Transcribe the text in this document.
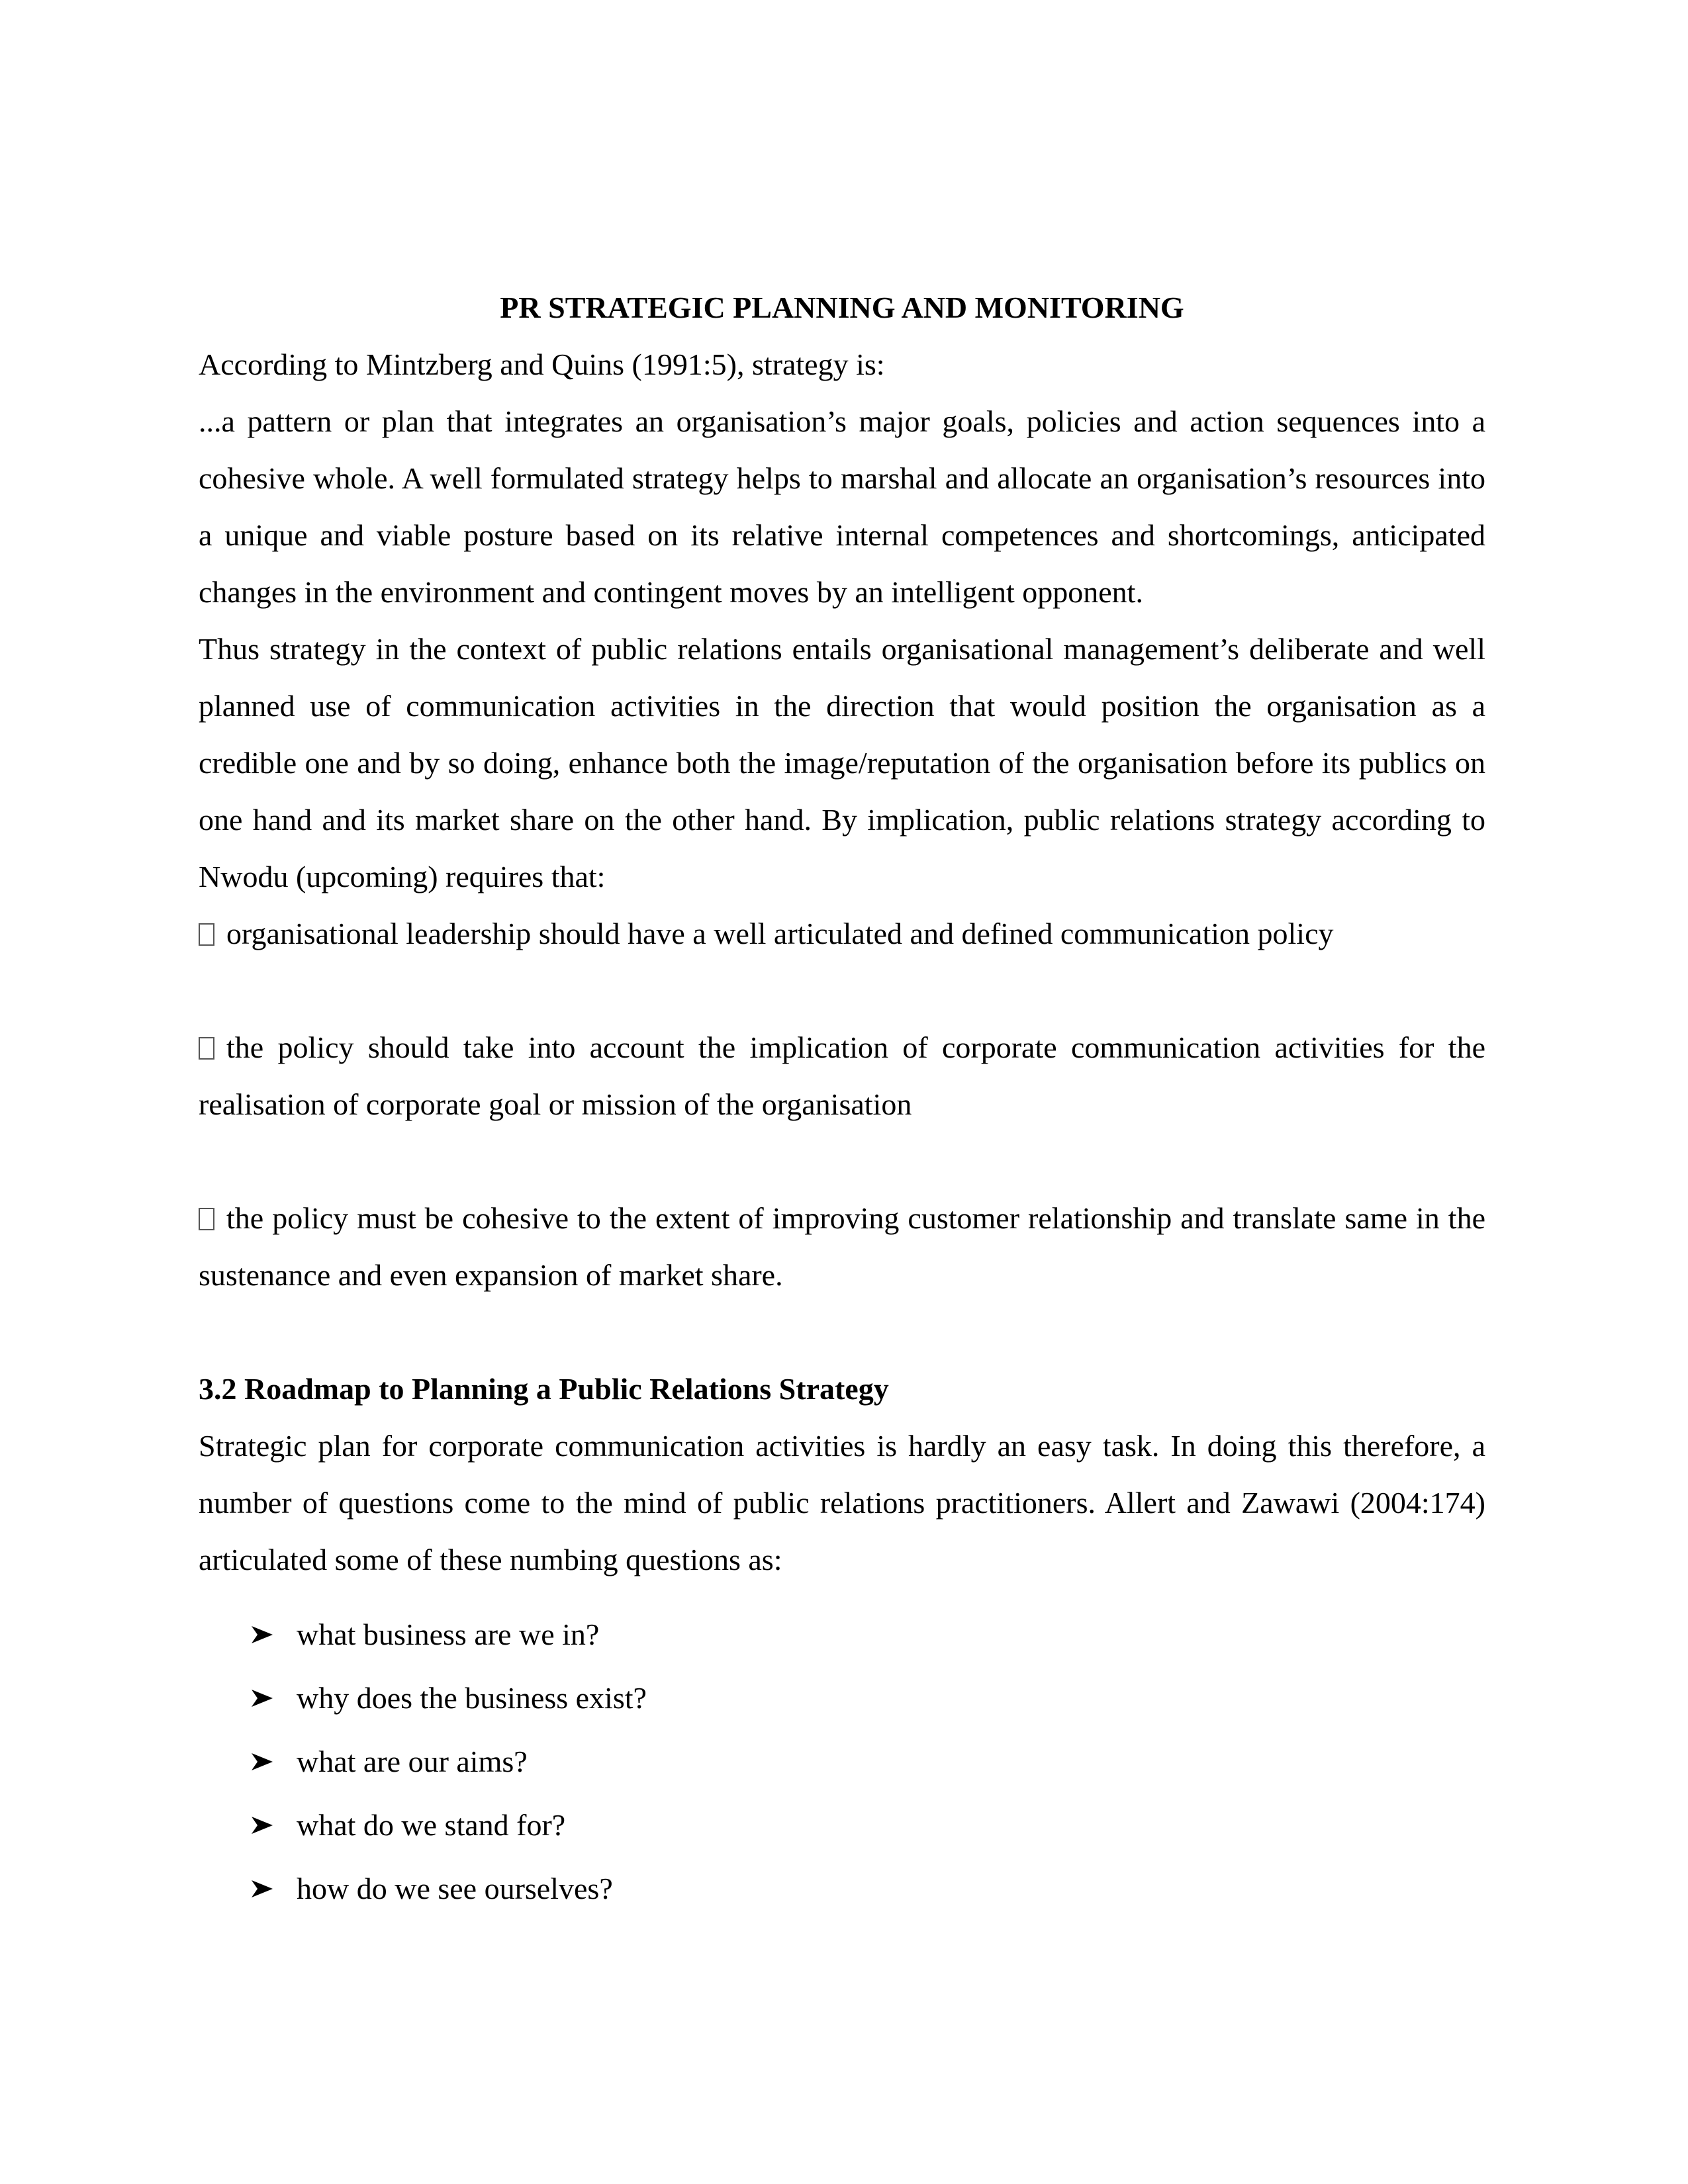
PR STRATEGIC PLANNING AND MONITORING

According to Mintzberg and Quins (1991:5), strategy is:

...a pattern or plan that integrates an organisation’s major goals, policies and action sequences into a cohesive whole. A well formulated strategy helps to marshal and allocate an organisation’s resources into a unique and viable posture based on its relative internal competences and shortcomings, anticipated changes in the environment and contingent moves by an intelligent opponent.

Thus strategy in the context of public relations entails organisational management’s deliberate and well planned use of communication activities in the direction that would position the organisation as a credible one and by so doing, enhance both the image/reputation of the organisation before its publics on one hand and its market share on the other hand. By implication, public relations strategy according to Nwodu (upcoming) requires that:

organisational leadership should have a well articulated and defined communication policy

the policy should take into account the implication of corporate communication activities for the realisation of corporate goal or mission of the organisation

the policy must be cohesive to the extent of improving customer relationship and translate same in the sustenance and even expansion of market share.

3.2 Roadmap to Planning a Public Relations Strategy

Strategic plan for corporate communication activities is hardly an easy task. In doing this therefore, a number of questions come to the mind of public relations practitioners. Allert and Zawawi (2004:174) articulated some of these numbing questions as:

what business are we in?
why does the business exist?
what are our aims?
what do we stand for?
how do we see ourselves?
